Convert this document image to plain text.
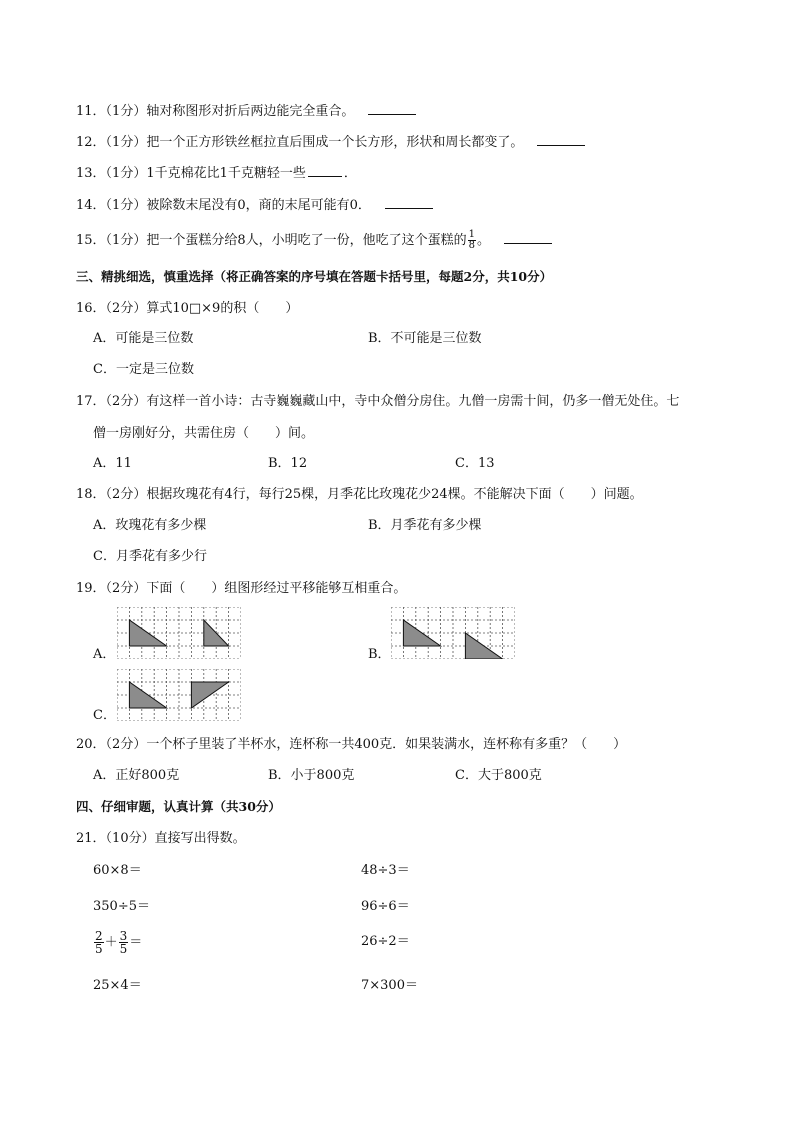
11．（1分）轴对称图形对折后两边能完全重合。
12．（1分）把一个正方形铁丝框拉直后围成一个长方形，形状和周长都变了。
13．（1分）1千克棉花比1千克糖轻一些	．
14．（1分）被除数末尾没有0，商的末尾可能有0．
15．（1分）把一个蛋糕分给8人，小明吃了一份，他吃了这个蛋糕的 $\frac{1}{8}$ 。
三、精挑细选，慎重选择（将正确答案的序号填在答题卡括号里，每题2分，共10分）
16．（2分）算式10□×9的积（　　）
A．可能是三位数	B．不可能是三位数
C．一定是三位数
17．（2分）有这样一首小诗：古寺巍巍藏山中，寺中众僧分房住。九僧一房需十间，仍多一僧无处住。七
僧一房刚好分，共需住房（　　）间。
A．11	B．12	C．13
18．（2分）根据玫瑰花有4行，每行25棵，月季花比玫瑰花少24棵。不能解决下面（　　）问题。
A．玫瑰花有多少棵	B．月季花有多少棵
C．月季花有多少行
19．（2分）下面（　　）组图形经过平移能够互相重合。
A．	B．
C．
20．（2分）一个杯子里装了半杯水，连杯称一共400克．如果装满水，连杯称有多重？（　　）
A．正好800克	B．小于800克	C．大于800克
四、仔细审题，认真计算（共30分）
21．（10分）直接写出得数。
60×8＝	48÷3＝
350÷5＝	96÷6＝
$\frac{2}{5} + \frac{3}{5}$ ＝	26÷2＝
25×4＝	7×300＝
